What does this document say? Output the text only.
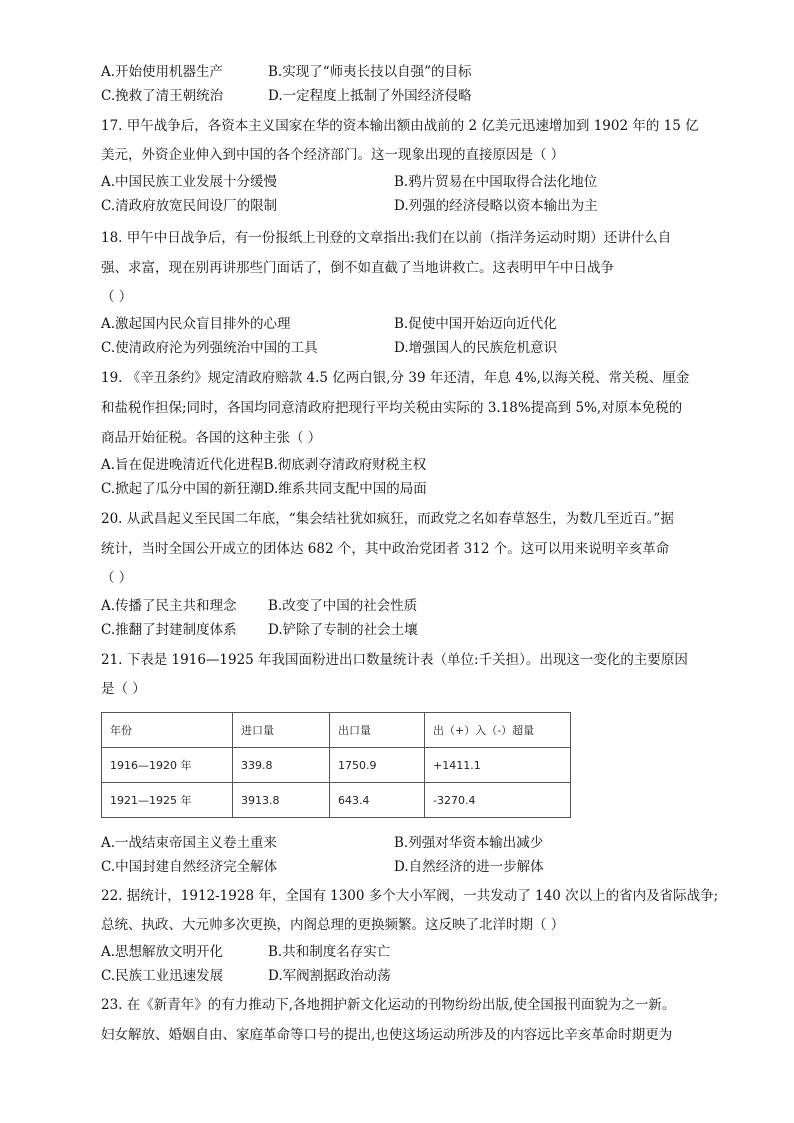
A.开始使用机器生产	B.实现了“师夷长技以自强”的目标
C.挽救了清王朝统治	D.一定程度上抵制了外国经济侵略
17. 甲午战争后，各资本主义国家在华的资本输出额由战前的 2 亿美元迅速增加到 1902 年的 15 亿
美元，外资企业伸入到中国的各个经济部门。这一现象出现的直接原因是（ ）
A.中国民族工业发展十分缓慢	B.鸦片贸易在中国取得合法化地位
C.清政府放宽民间设厂的限制	D.列强的经济侵略以资本输出为主
18. 甲午中日战争后，有一份报纸上刊登的文章指出:我们在以前（指洋务运动时期）还讲什么自
强、求富，现在别再讲那些门面话了，倒不如直截了当地讲救亡。这表明甲午中日战争
（ ）
A.激起国内民众盲目排外的心理	B.促使中国开始迈向近代化
C.使清政府沦为列强统治中国的工具	D.增强国人的民族危机意识
19. 《辛丑条约》规定清政府赔款 4.5 亿两白银,分 39 年还清，年息 4%,以海关税、常关税、厘金
和盐税作担保;同时，各国均同意清政府把现行平均关税由实际的 3.18%提高到 5%,对原本免税的
商品开始征税。各国的这种主张（ ）
A.旨在促进晚清近代化进程B.彻底剥夺清政府财税主权
C.掀起了瓜分中国的新狂潮D.维系共同支配中国的局面
20. 从武昌起义至民国二年底，“集会结社犹如疯狂，而政党之名如春草怒生，为数几至近百。”据
统计，当时全国公开成立的团体达 682 个，其中政治党团者 312 个。这可以用来说明辛亥革命
（ ）
A.传播了民主共和理念 B.改变了中国的社会性质
C.推翻了封建制度体系 D.铲除了专制的社会土壤
21. 下表是 1916—1925 年我国面粉进出口数量统计表（单位:千关担）。出现这一变化的主要原因
是（ ）
年份	进口量	出口量	出（+）入（-）超量
1916—1920 年	339.8	1750.9	+1411.1
1921—1925 年	3913.8	643.4	-3270.4
A.一战结束帝国主义卷土重来	B.列强对华资本输出减少
C.中国封建自然经济完全解体	D.自然经济的进一步解体
22. 据统计，1912-1928 年，全国有 1300 多个大小军阀，一共发动了 140 次以上的省内及省际战争;
总统、执政、大元帅多次更换，内阁总理的更换频繁。这反映了北洋时期（ ）
A.思想解放文明开化	B.共和制度名存实亡
C.民族工业迅速发展	D.军阀割据政治动荡
23. 在《新青年》的有力推动下,各地拥护新文化运动的刊物纷纷出版,使全国报刊面貌为之一新。
妇女解放、婚姻自由、家庭革命等口号的提出,也使这场运动所涉及的内容远比辛亥革命时期更为
